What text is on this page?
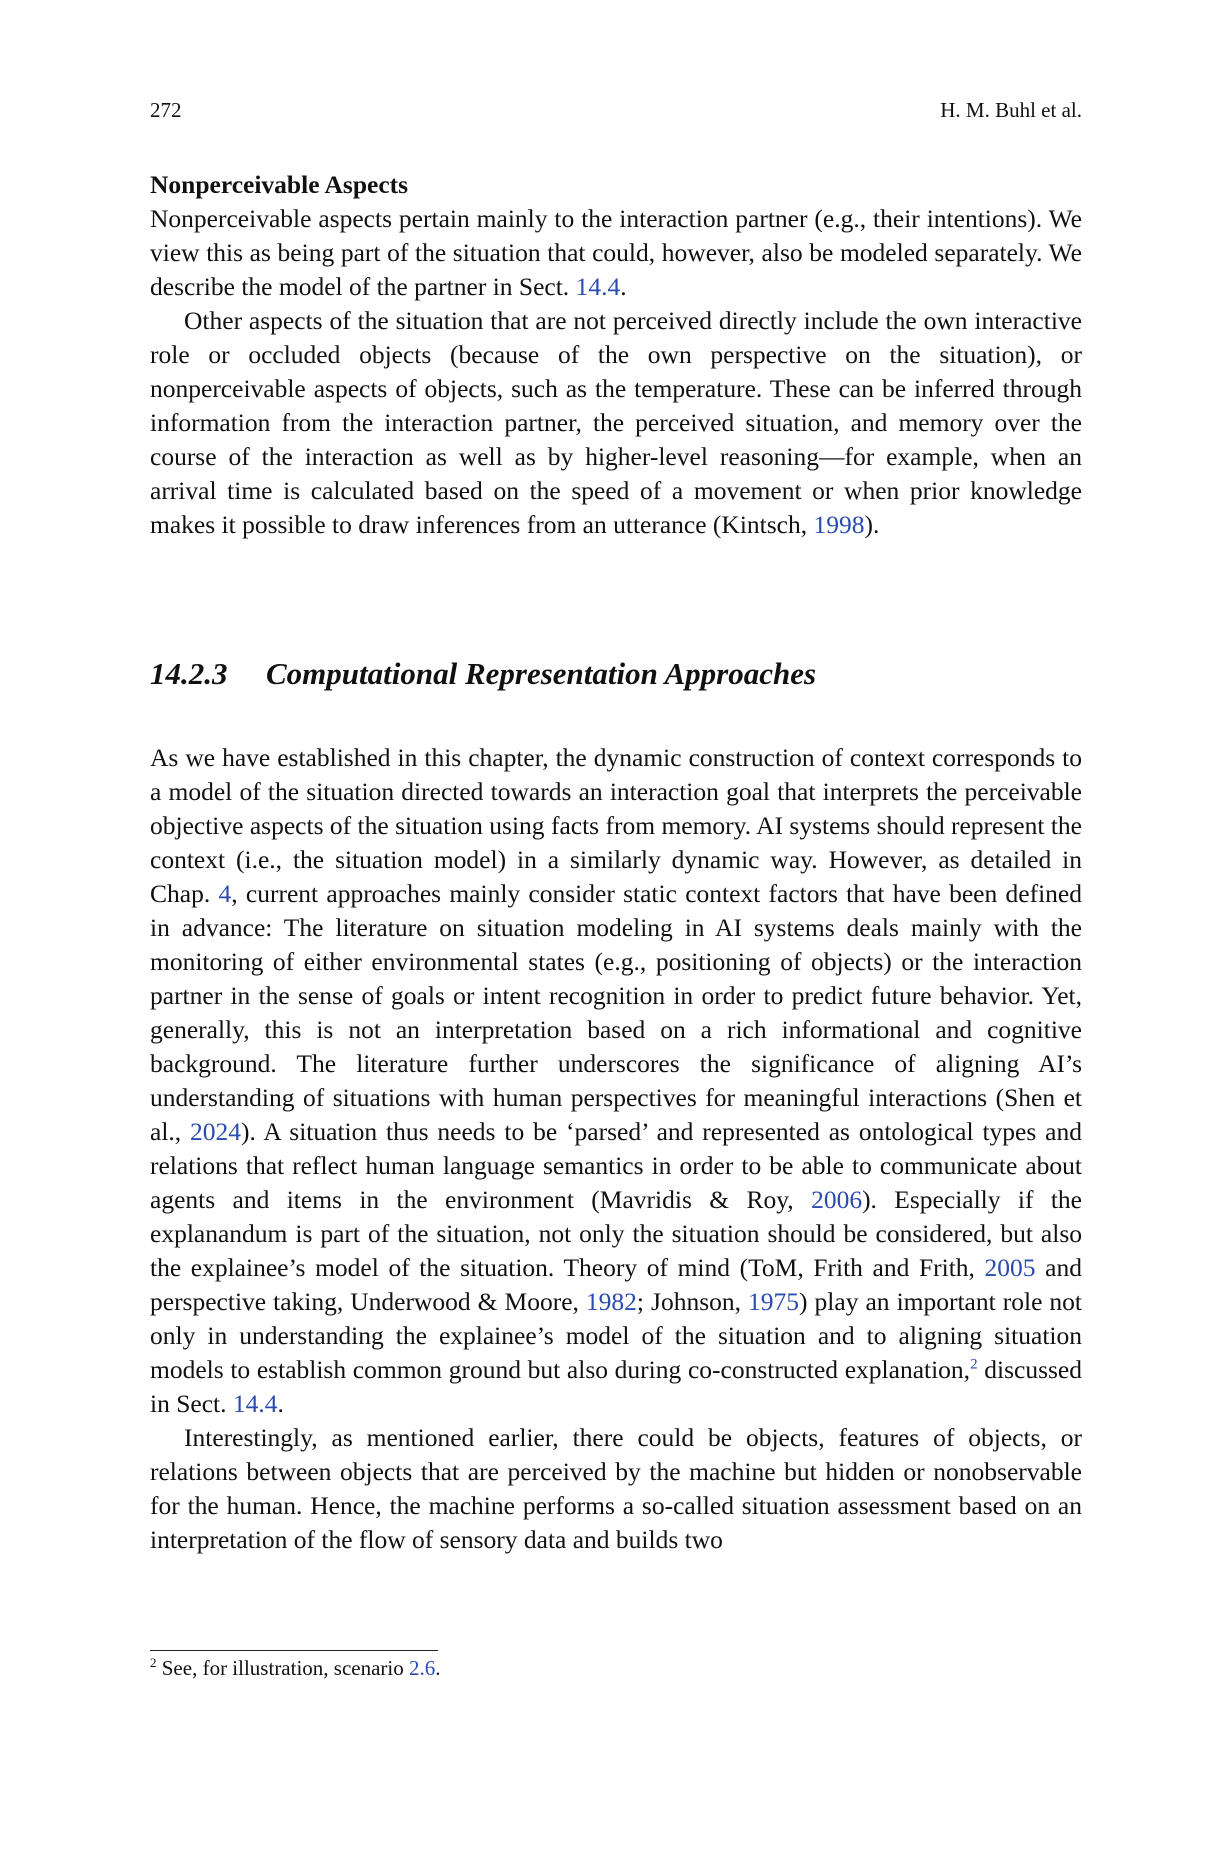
272	H. M. Buhl et al.

Nonperceivable Aspects
Nonperceivable aspects pertain mainly to the interaction partner (e.g., their intentions). We view this as being part of the situation that could, however, also be modeled separately. We describe the model of the partner in Sect. 14.4.

Other aspects of the situation that are not perceived directly include the own interactive role or occluded objects (because of the own perspective on the situation), or nonperceivable aspects of objects, such as the temperature. These can be inferred through information from the interaction partner, the perceived situation, and memory over the course of the interaction as well as by higher-level reasoning—for example, when an arrival time is calculated based on the speed of a movement or when prior knowledge makes it possible to draw inferences from an utterance (Kintsch, 1998).

14.2.3 Computational Representation Approaches

As we have established in this chapter, the dynamic construction of context corresponds to a model of the situation directed towards an interaction goal that interprets the perceivable objective aspects of the situation using facts from memory. AI systems should represent the context (i.e., the situation model) in a similarly dynamic way. However, as detailed in Chap. 4, current approaches mainly consider static context factors that have been defined in advance: The literature on situation modeling in AI systems deals mainly with the monitoring of either environmental states (e.g., positioning of objects) or the interaction partner in the sense of goals or intent recognition in order to predict future behavior. Yet, generally, this is not an interpretation based on a rich informational and cognitive background. The literature further underscores the significance of aligning AI’s understanding of situations with human perspectives for meaningful interactions (Shen et al., 2024). A situation thus needs to be ‘parsed’ and represented as ontological types and relations that reflect human language semantics in order to be able to communicate about agents and items in the environment (Mavridis & Roy, 2006). Especially if the explanandum is part of the situation, not only the situation should be considered, but also the explainee’s model of the situation. Theory of mind (ToM, Frith and Frith, 2005 and perspective taking, Underwood & Moore, 1982; Johnson, 1975) play an important role not only in understanding the explainee’s model of the situation and to aligning situation models to establish common ground but also during co-constructed explanation,$^2$ discussed in Sect. 14.4.

Interestingly, as mentioned earlier, there could be objects, features of objects, or relations between objects that are perceived by the machine but hidden or nonobservable for the human. Hence, the machine performs a so-called situation assessment based on an interpretation of the flow of sensory data and builds two

$^2$ See, for illustration, scenario 2.6.
